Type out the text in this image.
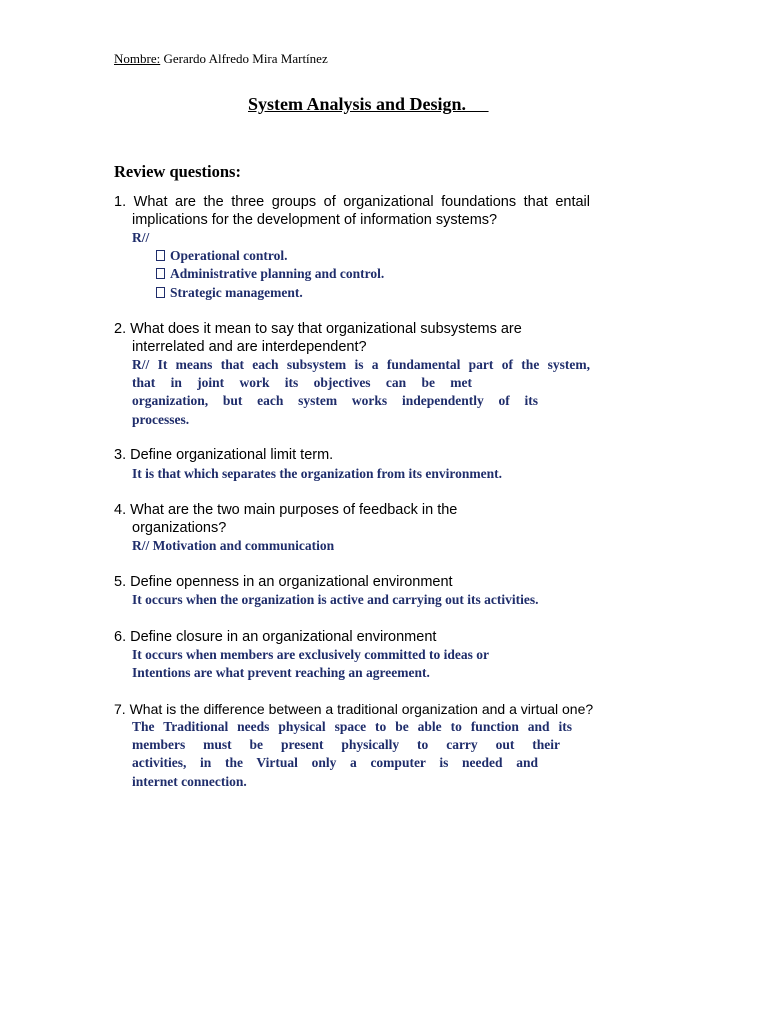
Nombre: Gerardo Alfredo Mira Martínez
System Analysis and Design.
Review questions:
1. What are the three groups of organizational foundations that entail
implications for the development of information systems?
R//
Operational control.
Administrative planning and control.
Strategic management.
2. What does it mean to say that organizational subsystems are
interrelated and are interdependent?
R// It means that each subsystem is a fundamental part of the system,
that in joint work its objectives can be met
organization, but each system works independently of its
processes.
3. Define organizational limit term.
It is that which separates the organization from its environment.
4. What are the two main purposes of feedback in the
organizations?
R// Motivation and communication
5. Define openness in an organizational environment
It occurs when the organization is active and carrying out its activities.
6. Define closure in an organizational environment
It occurs when members are exclusively committed to ideas or
Intentions are what prevent reaching an agreement.
7. What is the difference between a traditional organization and a virtual one?
The Traditional needs physical space to be able to function and its
members must be present physically to carry out their
activities, in the Virtual only a computer is needed and
internet connection.
